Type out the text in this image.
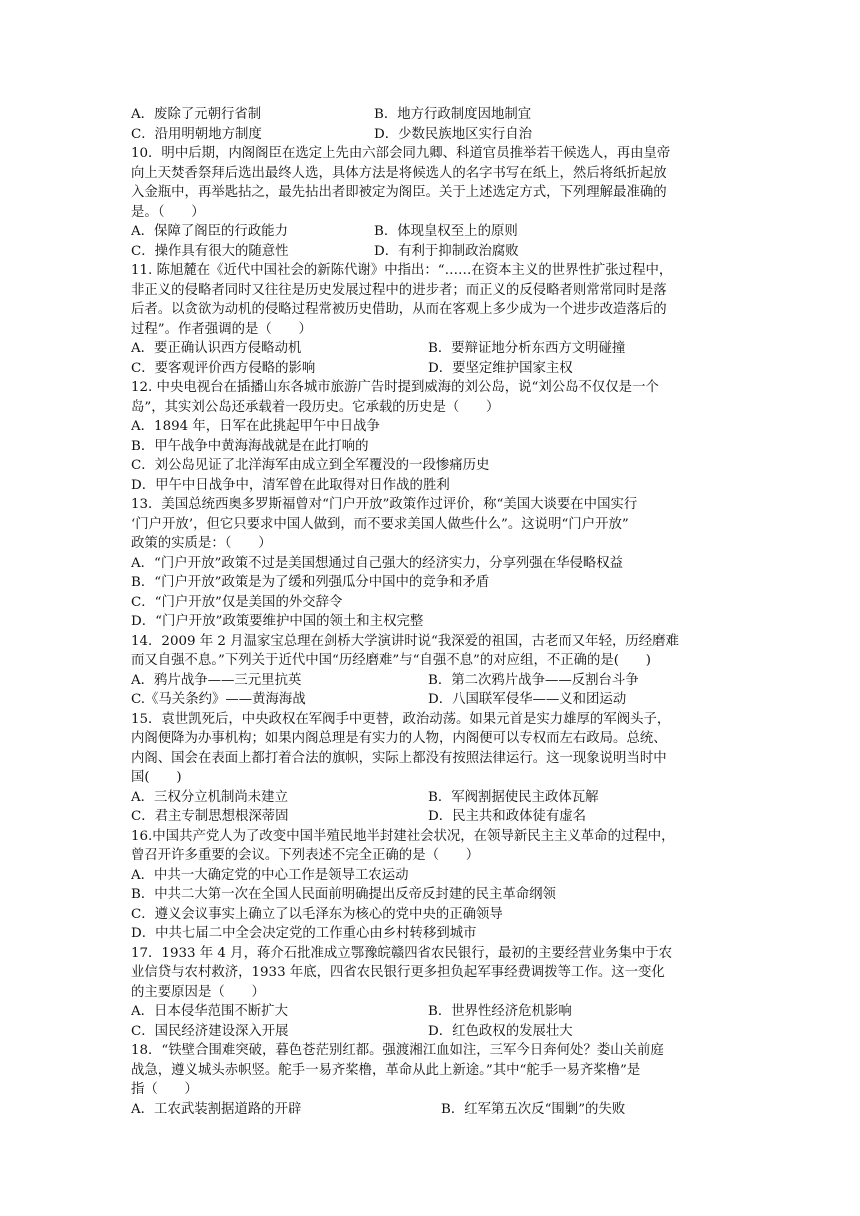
A．废除了元朝行省制	B．地方行政制度因地制宜
C．沿用明朝地方制度	D．少数民族地区实行自治
10．明中后期，内阁阁臣在选定上先由六部会同九卿、科道官员推举若干候选人，再由皇帝
向上天焚香祭拜后选出最终人选，具体方法是将候选人的名字书写在纸上，然后将纸折起放
入金瓶中，再举匙拈之，最先拈出者即被定为阁臣。关于上述选定方式，下列理解最准确的
是。（　　）
A．保障了阁臣的行政能力	B．体现皇权至上的原则
C．操作具有很大的随意性	D．有利于抑制政治腐败
11. 陈旭麓在《近代中国社会的新陈代谢》中指出：“……在资本主义的世界性扩张过程中，
非正义的侵略者同时又往往是历史发展过程中的进步者；而正义的反侵略者则常常同时是落
后者。以贪欲为动机的侵略过程常被历史借助，从而在客观上多少成为一个进步改造落后的
过程”。作者强调的是（　　）
A．要正确认识西方侵略动机	B．要辩证地分析东西方文明碰撞
C．要客观评价西方侵略的影响	D．要坚定维护国家主权
12. 中央电视台在插播山东各城市旅游广告时提到威海的刘公岛，说“刘公岛不仅仅是一个
岛”，其实刘公岛还承载着一段历史。它承载的历史是（　　）
A．1894 年，日军在此挑起甲午中日战争
B．甲午战争中黄海海战就是在此打响的
C．刘公岛见证了北洋海军由成立到全军覆没的一段惨痛历史
D．甲午中日战争中，清军曾在此取得对日作战的胜利
13．美国总统西奥多罗斯福曾对“门户开放”政策作过评价，称“美国大谈要在中国实行
‘门户开放’，但它只要求中国人做到，而不要求美国人做些什么”。这说明“门户开放”
政策的实质是：（　　）
A．“门户开放”政策不过是美国想通过自己强大的经济实力，分享列强在华侵略权益
B．“门户开放”政策是为了缓和列强瓜分中国中的竞争和矛盾
C．“门户开放”仅是美国的外交辞令
D．“门户开放”政策要维护中国的领土和主权完整
14．2009 年 2 月温家宝总理在剑桥大学演讲时说“我深爱的祖国，古老而又年轻，历经磨难
而又自强不息。”下列关于近代中国“历经磨难”与“自强不息”的对应组，不正确的是(　　)
A．鸦片战争——三元里抗英	B．第二次鸦片战争——反割台斗争
C.《马关条约》——黄海海战	D．八国联军侵华——义和团运动
15．袁世凯死后，中央政权在军阀手中更替，政治动荡。如果元首是实力雄厚的军阀头子，
内阁便降为办事机构；如果内阁总理是有实力的人物，内阁便可以专权而左右政局。总统、
内阁、国会在表面上都打着合法的旗帜，实际上都没有按照法律运行。这一现象说明当时中
国(　　)
A．三权分立机制尚未建立	B．军阀割据使民主政体瓦解
C．君主专制思想根深蒂固	D．民主共和政体徒有虚名
16.中国共产党人为了改变中国半殖民地半封建社会状况，在领导新民主主义革命的过程中，
曾召开许多重要的会议。下列表述不完全正确的是（　　）
A．中共一大确定党的中心工作是领导工农运动
B．中共二大第一次在全国人民面前明确提出反帝反封建的民主革命纲领
C．遵义会议事实上确立了以毛泽东为核心的党中央的正确领导
D．中共七届二中全会决定党的工作重心由乡村转移到城市
17．1933 年 4 月，蒋介石批准成立鄂豫皖赣四省农民银行，最初的主要经营业务集中于农
业信贷与农村救济，1933 年底，四省农民银行更多担负起军事经费调拨等工作。这一变化
的主要原因是（　　）
A．日本侵华范围不断扩大	B．世界性经济危机影响
C．国民经济建设深入开展	D．红色政权的发展壮大
18．“铁壁合围难突破，暮色苍茫别红都。强渡湘江血如注，三军今日奔何处？娄山关前庭
战急，遵义城头赤帜竖。舵手一易齐桨橹，革命从此上新途。”其中“舵手一易齐桨橹”是
指（　　）
A．工农武装割据道路的开辟	B．红军第五次反“围剿”的失败
